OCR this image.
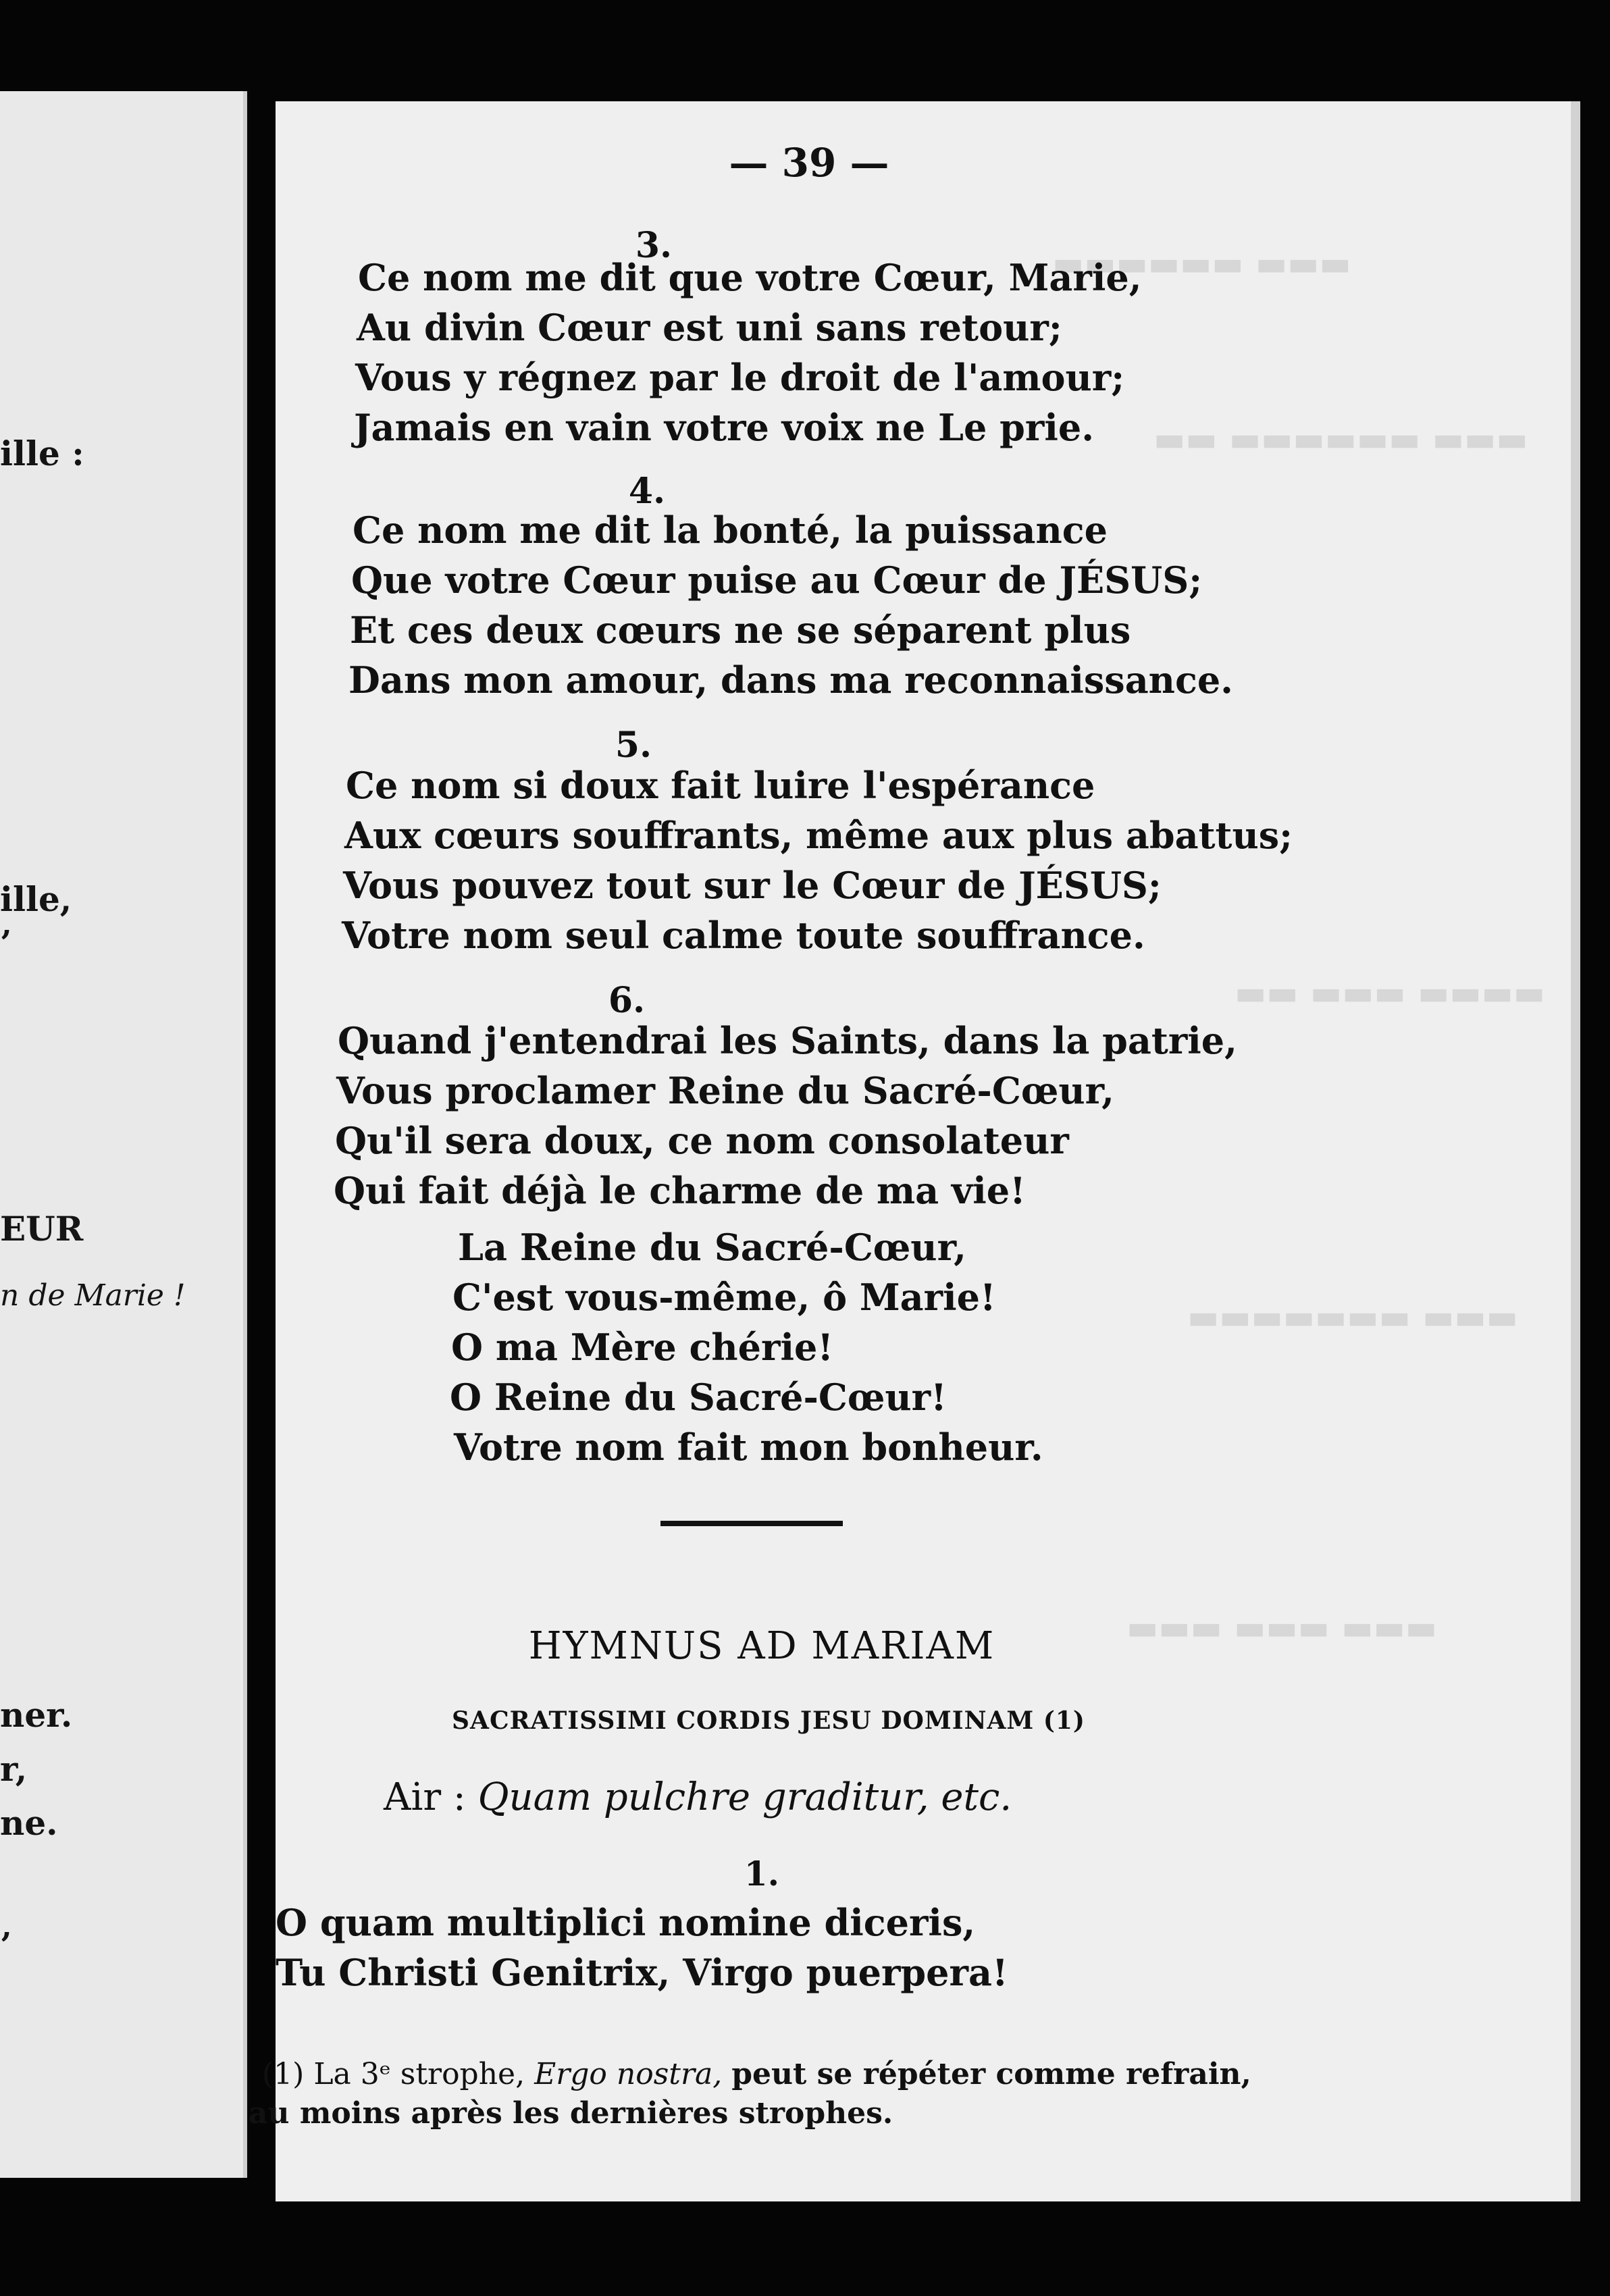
ille :
ille,
’
EUR
n de Marie !
ner.
r,
ne.
’
▬▬▬ ▬▬▬▬▬▬
▬▬▬ ▬▬▬▬▬▬ ▬▬
▬▬▬▬ ▬▬▬ ▬▬
▬▬▬ ▬▬▬▬▬▬▬
▬▬▬ ▬▬▬ ▬▬▬
— 39 —
3.
Ce nom me dit que votre Cœur, Marie,
Au divin Cœur est uni sans retour;
Vous y régnez par le droit de l'amour;
Jamais en vain votre voix ne Le prie.
4.
Ce nom me dit la bonté, la puissance
Que votre Cœur puise au Cœur de JÉSUS;
Et ces deux cœurs ne se séparent plus
Dans mon amour, dans ma reconnaissance.
5.
Ce nom si doux fait luire l'espérance
Aux cœurs souffrants, même aux plus abattus;
Vous pouvez tout sur le Cœur de JÉSUS;
Votre nom seul calme toute souffrance.
6.
Quand j'entendrai les Saints, dans la patrie,
Vous proclamer Reine du Sacré-Cœur,
Qu'il sera doux, ce nom consolateur
Qui fait déjà le charme de ma vie!
La Reine du Sacré-Cœur,
C'est vous-même, ô Marie!
O ma Mère chérie!
O Reine du Sacré-Cœur!
Votre nom fait mon bonheur.
HYMNUS AD MARIAM
SACRATISSIMI CORDIS JESU DOMINAM (1)
Air : Quam pulchre graditur, etc.
1.
O quam multiplici nomine diceris,
Tu Christi Genitrix, Virgo puerpera!
(1) La 3ᵉ strophe, Ergo nostra, peut se répéter comme refrain,
au moins après les dernières strophes.
